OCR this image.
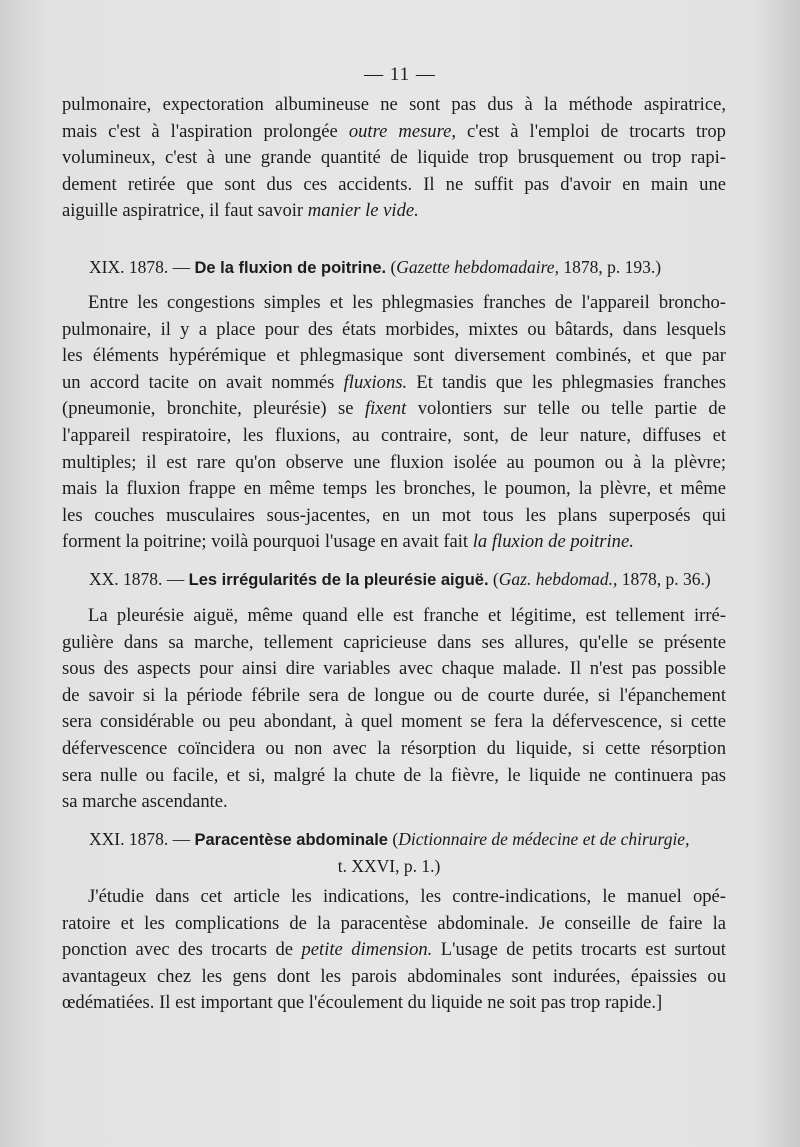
— 11 —
pulmonaire, expectoration albumineuse ne sont pas dus à la méthode aspiratrice,
mais c'est à l'aspiration prolongée outre mesure, c'est à l'emploi de trocarts trop
volumineux, c'est à une grande quantité de liquide trop brusquement ou trop rapi-
dement retirée que sont dus ces accidents. Il ne suffit pas d'avoir en main une
aiguille aspiratrice, il faut savoir manier le vide.
XIX. 1878. — De la fluxion de poitrine. (Gazette hebdomadaire, 1878, p. 193.)
Entre les congestions simples et les phlegmasies franches de l'appareil broncho-
pulmonaire, il y a place pour des états morbides, mixtes ou bâtards, dans lesquels
les éléments hypérémique et phlegmasique sont diversement combinés, et que par
un accord tacite on avait nommés fluxions. Et tandis que les phlegmasies franches
(pneumonie, bronchite, pleurésie) se fixent volontiers sur telle ou telle partie de
l'appareil respiratoire, les fluxions, au contraire, sont, de leur nature, diffuses et
multiples; il est rare qu'on observe une fluxion isolée au poumon ou à la plèvre;
mais la fluxion frappe en même temps les bronches, le poumon, la plèvre, et même
les couches musculaires sous-jacentes, en un mot tous les plans superposés qui
forment la poitrine; voilà pourquoi l'usage en avait fait la fluxion de poitrine.
XX. 1878. — Les irrégularités de la pleurésie aiguë. (Gaz. hebdomad., 1878, p. 36.)
La pleurésie aiguë, même quand elle est franche et légitime, est tellement irré-
gulière dans sa marche, tellement capricieuse dans ses allures, qu'elle se présente
sous des aspects pour ainsi dire variables avec chaque malade. Il n'est pas possible
de savoir si la période fébrile sera de longue ou de courte durée, si l'épanchement
sera considérable ou peu abondant, à quel moment se fera la défervescence, si cette
défervescence coïncidera ou non avec la résorption du liquide, si cette résorption
sera nulle ou facile, et si, malgré la chute de la fièvre, le liquide ne continuera pas
sa marche ascendante.
XXI. 1878. — Paracentèse abdominale (Dictionnaire de médecine et de chirurgie,
t. XXVI, p. 1.)
J'étudie dans cet article les indications, les contre-indications, le manuel opé-
ratoire et les complications de la paracentèse abdominale. Je conseille de faire la
ponction avec des trocarts de petite dimension. L'usage de petits trocarts est surtout
avantageux chez les gens dont les parois abdominales sont indurées, épaissies ou
œdématiées. Il est important que l'écoulement du liquide ne soit pas trop rapide.]
